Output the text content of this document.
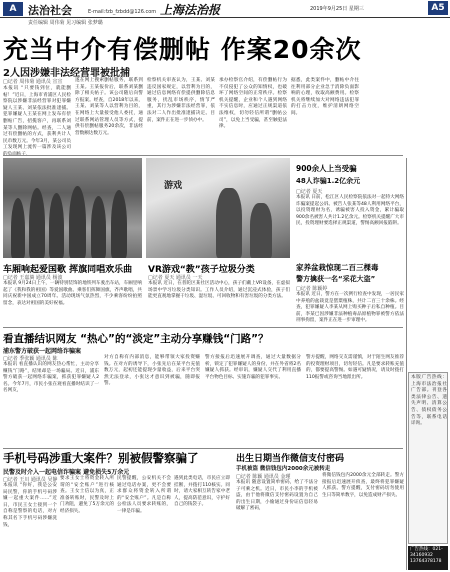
A	法治社会	E-mail:fzb_fzbdd@126.com 上海法治报	2019年9月25日 星期三	A5
责任编辑 周伟菊 见习编辑 张梦璐
充当中介有偿删帖 作案20余次
2人因涉嫌非法经营罪被批捕
□记者 周伟菊 通讯员 宣宣
本报讯 “只要钱到位，就能删帖！”近日，上海市青浦区人民检察院以涉嫌非法经营罪对犯罪嫌疑人王某、刘某依法批准逮捕。犯罪嫌疑人王某在网上发布有偿删帖广告，招揽客户，再联系刘某等人删除网帖。经查，二人通过有偿删帖的方式，获利共计人民币数万元。今年3月，某公司员工发现网上流传一篇涉及该公司
遂在网上搜索删帖服务，联系到王某。王某报价后，联系刘某删除了相关帖子。该公司随后向警方报案。经查，自2018年以来，王某、刘某等人以营利为目的，在网络上大量接受他人委托，通过联系网站管理人员等方式，提供有偿删帖服务20余次，非法经营数额达数万元。
检察机关审查认为，王某、刘某违反国家规定，以营利为目的，通过信息网络有偿提供删除信息服务，扰乱市场秩序，情节严重，其行为涉嫌非法经营罪，依法对二人作出批准逮捕决定。目前，案件正在进一步侦办中。
承办检察官介绍，有偿删帖行为不仅侵犯了公众的知情权，也破坏了网络空间的正常秩序。检察机关提醒，企业和个人遇到网络不实信息时，应通过正规渠道依法维权，切勿轻信所谓“删帖公司”，以免上当受骗，甚至触犯法律。
据悉，此类案件中，删帖中介往往利用部分企业急于消除负面影响的心理，收取高额费用。检察机关将继续加大对网络违法犯罪的打击力度，维护清朗网络空间。
车厢响起爱国歌 挥旗同唱欢乐曲
□记者 王嘉旖 通讯员 杨波
本报讯 9月24日上午，一辆特别装饰的地铁列车驶出车站，车厢里响起了《我和我的祖国》等爱国歌曲。乘客们挥舞国旗，齐声歌唱，共同庆祝新中国成立70周年。活动现场气氛热烈，不少乘客纷纷拍照留念，表达对祖国的美好祝福。
游戏
VR游戏“教”孩子垃圾分类
□记者 夏天 通讯员 一天
本报讯 近日，在普陀区某社区活动中心，孩子们戴上VR设备，在虚拟场景中学习垃圾分类知识。工作人员介绍，通过沉浸式体验，孩子们能更直观地掌握干垃圾、湿垃圾、可回收物和有害垃圾的分类方法。
900余人上当受骗
48人诈骗1.2亿余元
□记者 夏天
本报讯 日前，松江区人民检察院依法对一起特大网络诈骗案提起公诉。被告人张某等48人利用网络平台，以投资理财为名，诱骗被害人投入资金，累计骗取900余名被害人共计1.2亿余元。检察机关提醒广大市民，投资理财要选择正规渠道，警惕高额回报陷阱。
家养盆栽惊现二百三棵毒
警方擒获一名“采花大盗”
□记者 陈颖婷
本报讯 近日，警方在一次例行检查中发现，一居民家中养殖的盆栽竟是罂粟植株，共计二百三十余株。经查，犯罪嫌疑人李某从网上购买种子后私自种植。目前，李某已因涉嫌非法种植毒品原植物罪被警方依法刑事拘留，案件正在进一步审理中。
看直播结识网友 “热心”的“淡定”主动分享赚钱“门路”？
浦东警方破获一起网络诈骗案
□记者 季张颖 通讯员 陈
本报讯 看直播认识的网友热心帮忙，主动分享赚钱“门路”，结果却是一场骗局。近日，浦东警方破获一起网络诈骗案，抓获犯罪嫌疑人2名。今年7月，市民小张在观看直播时结识了一名网友，
对方自称有内部消息，能够带领大家投资赚钱。在对方的诱导下，小张先后在某平台充值数万元，起初还能提现少量收益，后来平台突然无法登录，小张这才意识到被骗，随即报警。
警方接报后迅速展开调查，通过大量数据分析，锁定了犯罪嫌疑人的身份，并在外省将2名嫌疑人抓获。经审讯，嫌疑人交代了利用直播平台物色目标、实施诈骗的犯罪事实。
警方提醒，网络交友需谨慎，对于陌生网友推荐的投资理财项目，切勿轻信。凡是要求转账充值的，都要提高警惕。如遇可疑情况，请及时拨打110报警或咨询当地派出所。
手机号码涉重大案件？别被假警察骗了
民警及时介入一起电信诈骗案 避免损失5万余元
□记者 王川 通讯员 吴静
本报讯 “你好，我是公安局民警，你的手机号码涉嫌一起重大案件……”近日，市民王女士接到一个自称是警察的电话，对方称其名下手机号码涉嫌洗钱，
要求王女士将资金转入所谓的“安全账户”进行核查。王女士信以为真，正准备转账时，民警及时上门劝阻，避免了5万余元的经济损失。
民警提醒，公安机关不会通过电话办案，更不会要求群众将资金转入所谓的“安全账户”。凡是自称公检法人员要求转账的，一律是诈骗。
遇到此类电话，市民应立即挂断，并拨打110核实。同时，请大家相互转告家中老人，提高防范意识，守护好自己的钱袋子。
出生日期当作微信支付密码
手机被盗 微信钱包内2000余元被转走
□记者 陈颖 通讯员 金瑾
本报讯 随意设置简单密码，给了不法分子可乘之机。近日，市民小李的手机被盗，由于他将微信支付密码设置为自己的出生日期，小偷通过身份证信息轻易破解了密码，
将微信钱包内2000余元全部转走。警方接报后迅速展开侦查，最终将犯罪嫌疑人抓获。警方提醒，支付密码切勿使用生日等简单数字，以免造成财产损失。
本版广告热线：上海市法治报社广告部。刊登各类法律公告、遗失声明、清算公告、债权债务公告等，联系电话详询。
广告热线：021-34160932 13764378178
